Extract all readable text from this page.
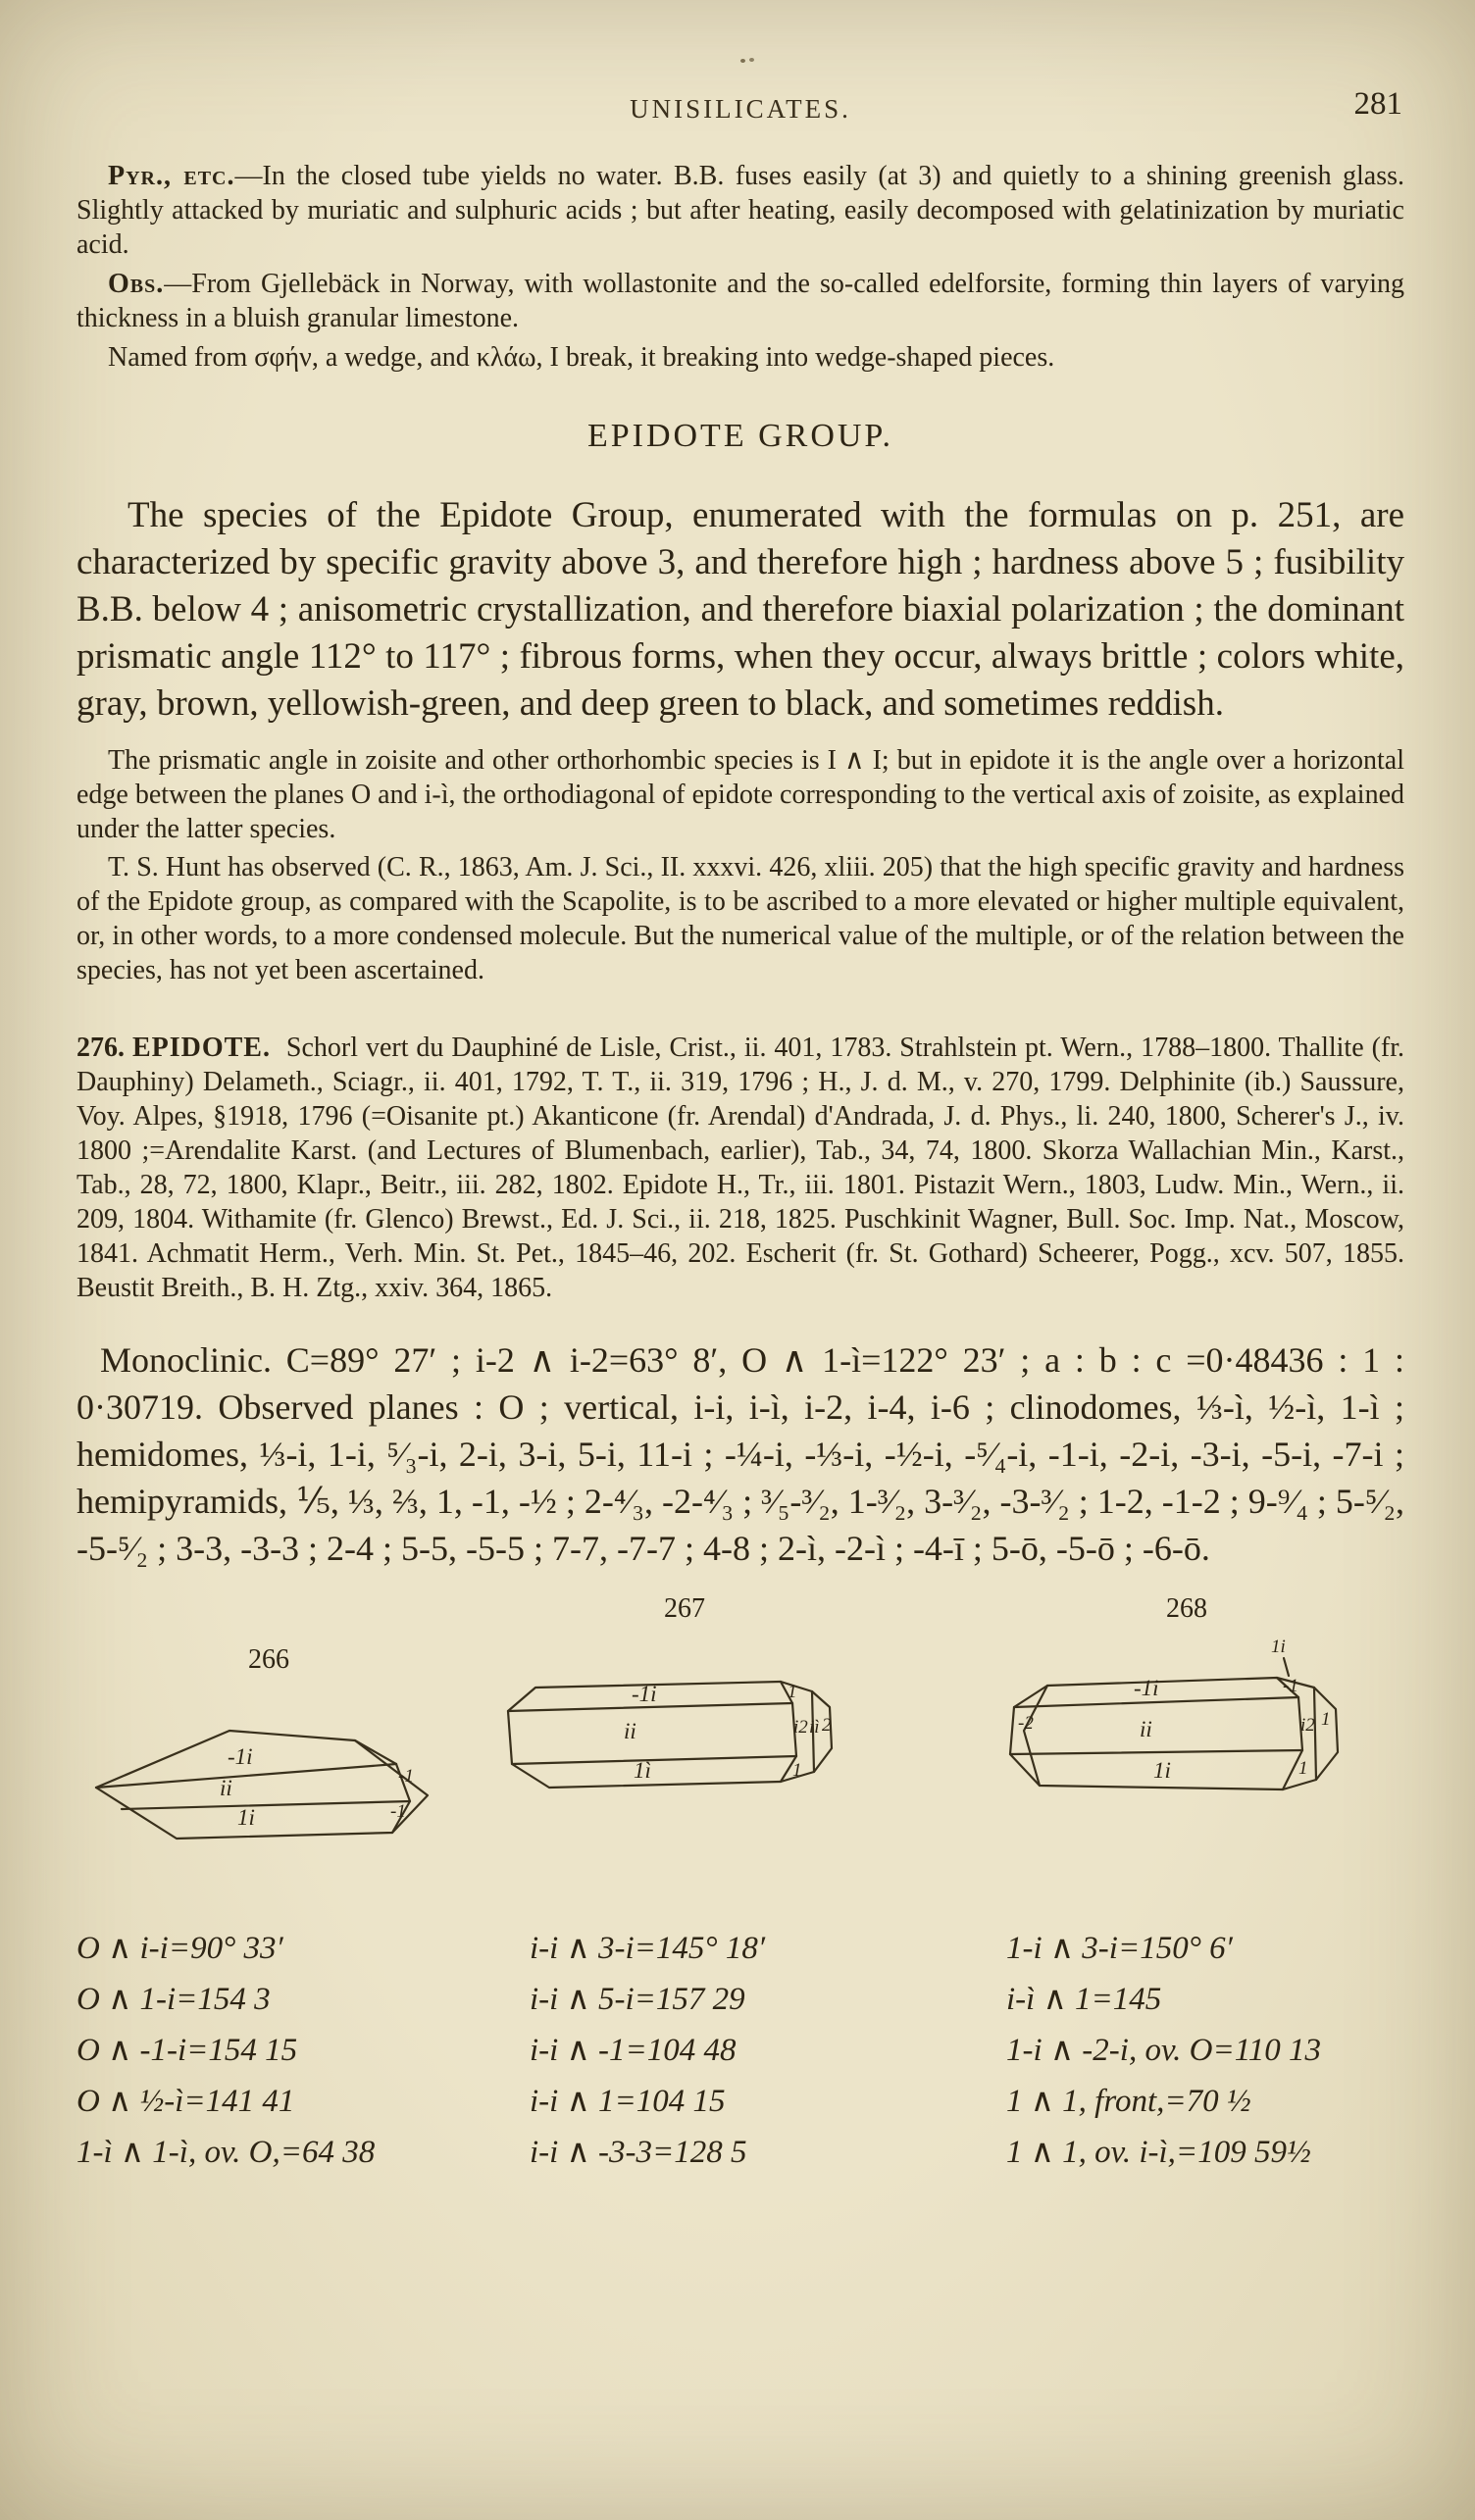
UNISILICATES.	281

Pyr., etc.—In the closed tube yields no water. B.B. fuses easily (at 3) and quietly to a shining greenish glass. Slightly attacked by muriatic and sulphuric acids ; but after heating, easily decomposed with gelatinization by muriatic acid.

Obs.—From Gjellebäck in Norway, with wollastonite and the so-called edelforsite, forming thin layers of varying thickness in a bluish granular limestone.

Named from σφήν, a wedge, and κλάω, I break, it breaking into wedge-shaped pieces.

EPIDOTE GROUP.

The species of the Epidote Group, enumerated with the formulas on p. 251, are characterized by specific gravity above 3, and therefore high ; hardness above 5 ; fusibility B.B. below 4 ; anisometric crystallization, and therefore biaxial polarization ; the dominant prismatic angle 112° to 117° ; fibrous forms, when they occur, always brittle ; colors white, gray, brown, yellowish-green, and deep green to black, and sometimes reddish.

The prismatic angle in zoisite and other orthorhombic species is I ∧ I; but in epidote it is the angle over a horizontal edge between the planes O and i-ì, the orthodiagonal of epidote corresponding to the vertical axis of zoisite, as explained under the latter species.

T. S. Hunt has observed (C. R., 1863, Am. J. Sci., II. xxxvi. 426, xliii. 205) that the high specific gravity and hardness of the Epidote group, as compared with the Scapolite, is to be ascribed to a more elevated or higher multiple equivalent, or, in other words, to a more condensed molecule. But the numerical value of the multiple, or of the relation between the species, has not yet been ascertained.

276. EPIDOTE. Schorl vert du Dauphiné de Lisle, Crist., ii. 401, 1783. Strahlstein pt. Wern., 1788–1800. Thallite (fr. Dauphiny) Delameth., Sciagr., ii. 401, 1792, T. T., ii. 319, 1796 ; H., J. d. M., v. 270, 1799. Delphinite (ib.) Saussure, Voy. Alpes, §1918, 1796 (=Oisanite pt.) Akanticone (fr. Arendal) d'Andrada, J. d. Phys., li. 240, 1800, Scherer's J., iv. 1800 ;=Arendalite Karst. (and Lectures of Blumenbach, earlier), Tab., 34, 74, 1800. Skorza Wallachian Min., Karst., Tab., 28, 72, 1800, Klapr., Beitr., iii. 282, 1802. Epidote H., Tr., iii. 1801. Pistazit Wern., 1803, Ludw. Min., Wern., ii. 209, 1804. Withamite (fr. Glenco) Brewst., Ed. J. Sci., ii. 218, 1825. Puschkinit Wagner, Bull. Soc. Imp. Nat., Moscow, 1841. Achmatit Herm., Verh. Min. St. Pet., 1845–46, 202. Escherit (fr. St. Gothard) Scheerer, Pogg., xcv. 507, 1855. Beustit Breith., B. H. Ztg., xxiv. 364, 1865.

Monoclinic. C=89° 27′ ; i-2 ∧ i-2=63° 8′, O ∧ 1-ì=122° 23′ ; a : b : c =0·48436 : 1 : 0·30719. Observed planes : O ; vertical, i-i, i-ì, i-2, i-4, i-6 ; clinodomes, ⅓-ì, ½-ì, 1-ì ; hemidomes, ⅓-i, 1-i, ⁵⁄₃-i, 2-i, 3-i, 5-i, 11-i ; -¼-i, -⅓-i, -½-i, -⁵⁄₄-i, -1-i, -2-i, -3-i, -5-i, -7-i ; hemipyramids, ⅕, ⅓, ⅔, 1, -1, -½ ; 2-⁴⁄₃, -2-⁴⁄₃ ; ³⁄₅-³⁄₂, 1-³⁄₂, 3-³⁄₂, -3-³⁄₂ ; 1-2, -1-2 ; 9-⁹⁄₄ ; 5-⁵⁄₂, -5-⁵⁄₂ ; 3-3, -3-3 ; 2-4 ; 5-5, -5-5 ; 7-7, -7-7 ; 4-8 ; 2-ì, -2-ì ; -4-ī ; 5-ō, -5-ō ; -6-ō.

266
-1i
ii
1i
-1
-1
267
-1i
ii
1ì
1
i2 iì 2
1
268
1i
-1i
-2	ii
-1
i2 1
1i	1
O ∧ i-i=90° 33′	i-i ∧ 3-i=145° 18′	1-i ∧ 3-i=150° 6′
O ∧ 1-i=154 3	i-i ∧ 5-i=157 29	i-ì ∧ 1=145
O ∧ -1-i=154 15	i-i ∧ -1=104 48	1-i ∧ -2-i, ov. O=110 13
O ∧ ½-ì=141 41	i-i ∧ 1=104 15	1 ∧ 1, front,=70 ½
1-ì ∧ 1-ì, ov. O,=64 38	i-i ∧ -3-3=128 5	1 ∧ 1, ov. i-ì,=109 59½
